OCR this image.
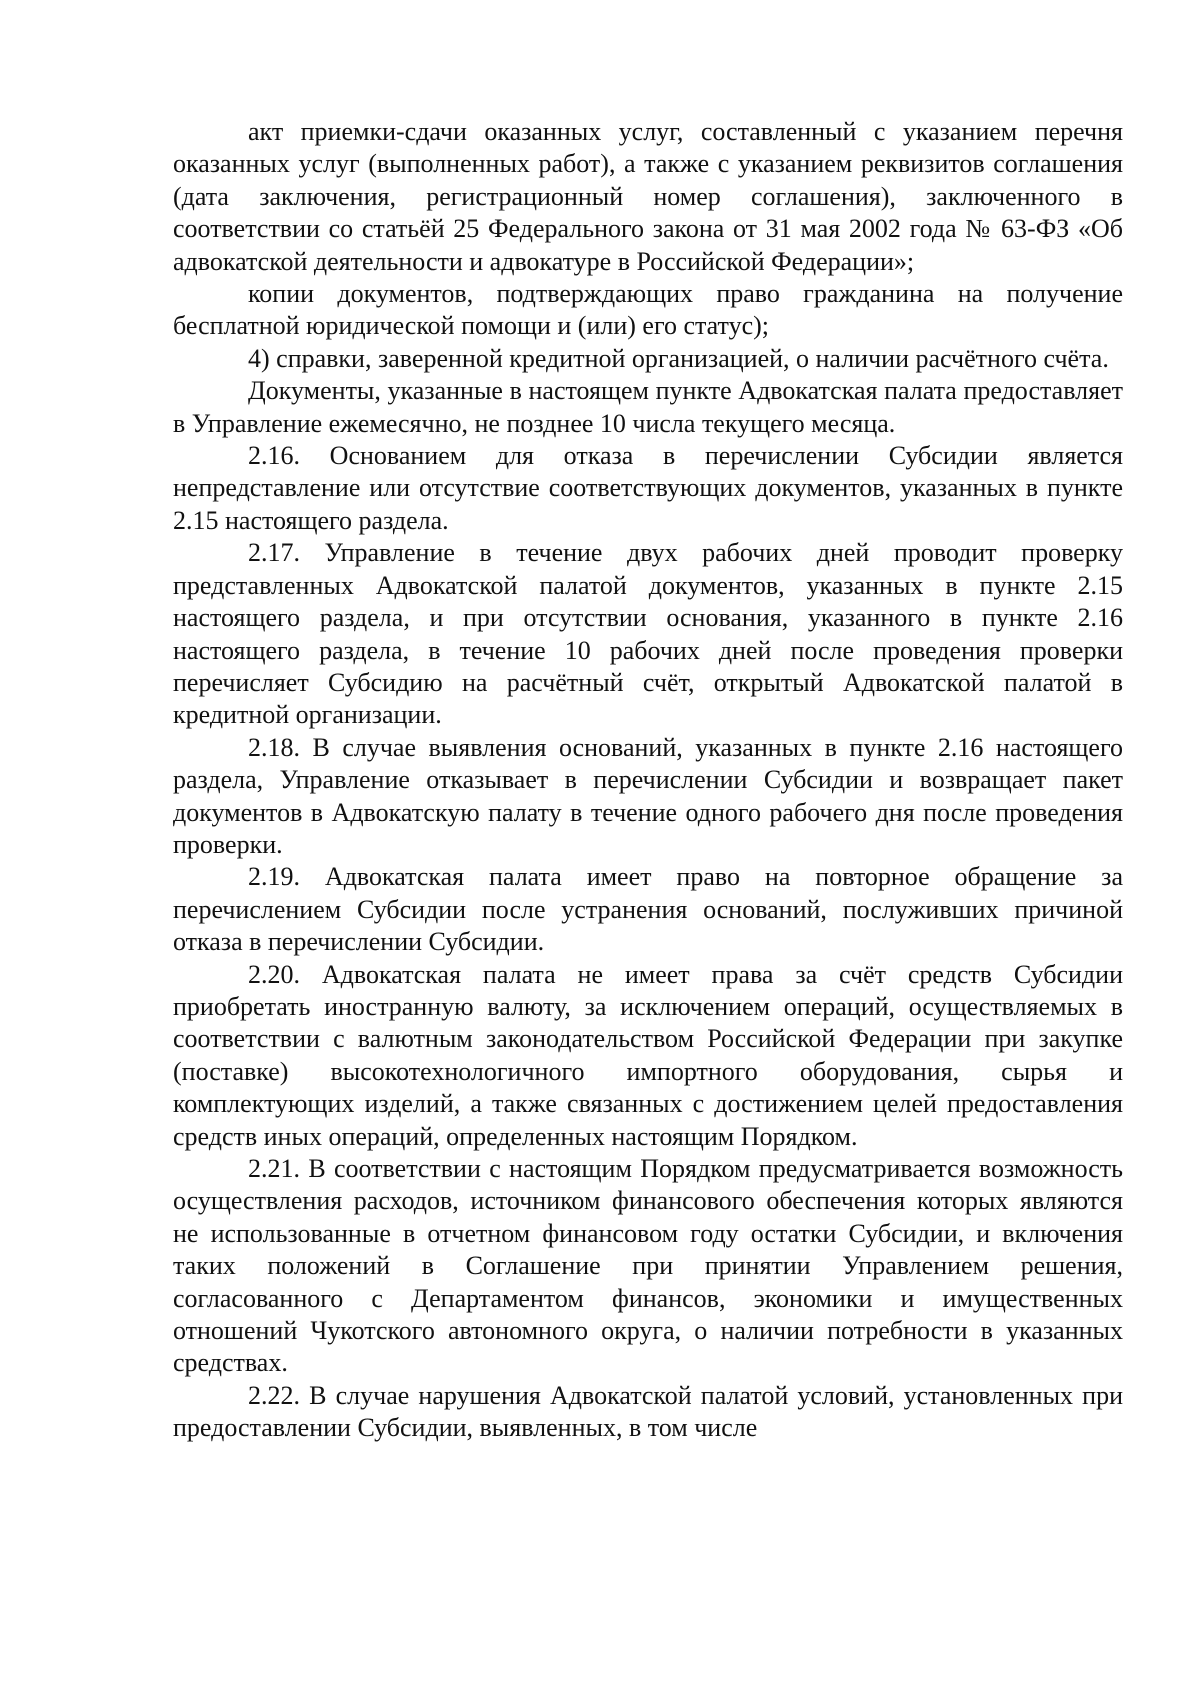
акт приемки-сдачи оказанных услуг, составленный с указанием перечня оказанных услуг (выполненных работ), а также с указанием реквизитов соглашения (дата заключения, регистрационный номер соглашения), заключенного в соответствии со статьёй 25 Федерального закона от 31 мая 2002 года № 63-ФЗ «Об адвокатской деятельности и адвокатуре в Российской Федерации»;

копии документов, подтверждающих право гражданина на получение бесплатной юридической помощи и (или) его статус);

4) справки, заверенной кредитной организацией, о наличии расчётного счёта.

Документы, указанные в настоящем пункте Адвокатская палата предоставляет в Управление ежемесячно, не позднее 10 числа текущего месяца.

2.16. Основанием для отказа в перечислении Субсидии является непредставление или отсутствие соответствующих документов, указанных в пункте 2.15 настоящего раздела.

2.17. Управление в течение двух рабочих дней проводит проверку представленных Адвокатской палатой документов, указанных в пункте 2.15 настоящего раздела, и при отсутствии основания, указанного в пункте 2.16 настоящего раздела, в течение 10 рабочих дней после проведения проверки перечисляет Субсидию на расчётный счёт, открытый Адвокатской палатой в кредитной организации.

2.18. В случае выявления оснований, указанных в пункте 2.16 настоящего раздела, Управление отказывает в перечислении Субсидии и возвращает пакет документов в Адвокатскую палату в течение одного рабочего дня после проведения проверки.

2.19. Адвокатская палата имеет право на повторное обращение за перечислением Субсидии после устранения оснований, послуживших причиной отказа в перечислении Субсидии.

2.20. Адвокатская палата не имеет права за счёт средств Субсидии приобретать иностранную валюту, за исключением операций, осуществляемых в соответствии с валютным законодательством Российской Федерации при закупке (поставке) высокотехнологичного импортного оборудования, сырья и комплектующих изделий, а также связанных с достижением целей предоставления средств иных операций, определенных настоящим Порядком.

2.21. В соответствии с настоящим Порядком предусматривается возможность осуществления расходов, источником финансового обеспечения которых являются не использованные в отчетном финансовом году остатки Субсидии, и включения таких положений в Соглашение при принятии Управлением решения, согласованного с Департаментом финансов, экономики и имущественных отношений Чукотского автономного округа, о наличии потребности в указанных средствах.

2.22. В случае нарушения Адвокатской палатой условий, установленных при предоставлении Субсидии, выявленных, в том числе
